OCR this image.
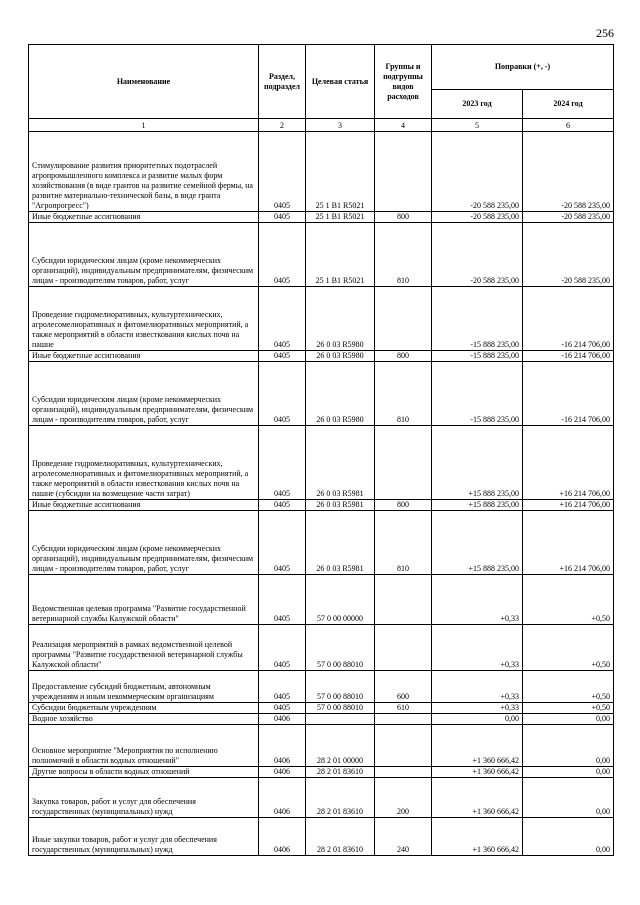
256
Наименование	Раздел, подраздел	Целевая статья	Группы и подгруппы видов расходов	Поправки (+, -)	
				2023 год	2024 год
1	2	3	4	5	6
Стимулирование развития приоритетных подотраслей агропромышленного комплекса и развитие малых форм хозяйствования (в виде грантов на развитие семейной фермы, на развитие материально-технической базы, в виде гранта "Агропрогресс")	0405	25 1 В1 R5021		-20 588 235,00	-20 588 235,00
Иные бюджетные ассигнования	0405	25 1 В1 R5021	800	-20 588 235,00	-20 588 235,00
Субсидии юридическим лицам (кроме некоммерческих организаций), индивидуальным предпринимателям, физическим лицам - производителям товаров, работ, услуг	0405	25 1 В1 R5021	810	-20 588 235,00	-20 588 235,00
Проведение гидромелиоративных, культуртехнических, агролесомелиоративных и фитомелиоративных мероприятий, а также мероприятий в области известкования кислых почв на пашне	0405	26 0 03 R5980		-15 888 235,00	-16 214 706,00
Иные бюджетные ассигнования	0405	26 0 03 R5980	800	-15 888 235,00	-16 214 706,00
Субсидии юридическим лицам (кроме некоммерческих организаций), индивидуальным предпринимателям, физическим лицам - производителям товаров, работ, услуг	0405	26 0 03 R5980	810	-15 888 235,00	-16 214 706,00
Проведение гидромелиоративных, культуртехнических, агролесомелиоративных и фитомелиоративных мероприятий, а также мероприятий в области известкования кислых почв на пашне (субсидии на возмещение части затрат)	0405	26 0 03 R5981		+15 888 235,00	+16 214 706,00
Иные бюджетные ассигнования	0405	26 0 03 R5981	800	+15 888 235,00	+16 214 706,00
Субсидии юридическим лицам (кроме некоммерческих организаций), индивидуальным предпринимателям, физическим лицам - производителям товаров, работ, услуг	0405	26 0 03 R5981	810	+15 888 235,00	+16 214 706,00
Ведомственная целевая программа "Развитие государственной ветеринарной службы Калужской области"	0405	57 0 00 00000		+0,33	+0,50
Реализация мероприятий в рамках ведомственной целевой программы "Развитие государственной ветеринарной службы Калужской области"	0405	57 0 00 88010		+0,33	+0,50
Предоставление субсидий бюджетным, автономным учреждениям и иным некоммерческим организациям	0405	57 0 00 88010	600	+0,33	+0,50
Субсидии бюджетным учреждениям	0405	57 0 00 88010	610	+0,33	+0,50
Водное хозяйство	0406			0,00	0,00
Основное мероприятие "Мероприятия по исполнению полномочий в области водных отношений"	0406	28 2 01 00000		+1 360 666,42	0,00
Другие вопросы в области водных отношений	0406	28 2 01 83610		+1 360 666,42	0,00
Закупка товаров, работ и услуг для обеспечения государственных (муниципальных) нужд	0406	28 2 01 83610	200	+1 360 666,42	0,00
Иные закупки товаров, работ и услуг для обеспечения государственных (муниципальных) нужд	0406	28 2 01 83610	240	+1 360 666,42	0,00
